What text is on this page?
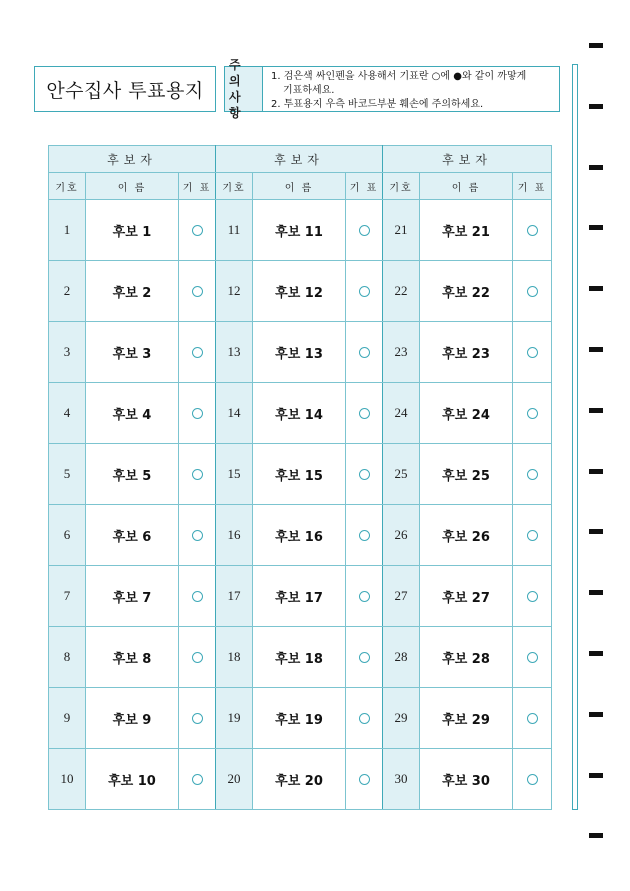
안수집사 투표용지
주 의
사 항
1. 검은색 싸인펜을 사용해서 기표란 ○에 ●와 같이 까맣게
기표하세요.
2. 투표용지 우측 바코드부분 훼손에 주의하세요.
후보자			후보자			후보자		
기호	이 름	기 표	기호	이 름	기 표	기호	이 름	기 표
1	후보 1		11	후보 11		21	후보 21	
2	후보 2		12	후보 12		22	후보 22	
3	후보 3		13	후보 13		23	후보 23	
4	후보 4		14	후보 14		24	후보 24	
5	후보 5		15	후보 15		25	후보 25	
6	후보 6		16	후보 16		26	후보 26	
7	후보 7		17	후보 17		27	후보 27	
8	후보 8		18	후보 18		28	후보 28	
9	후보 9		19	후보 19		29	후보 29	
10	후보 10		20	후보 20		30	후보 30	
